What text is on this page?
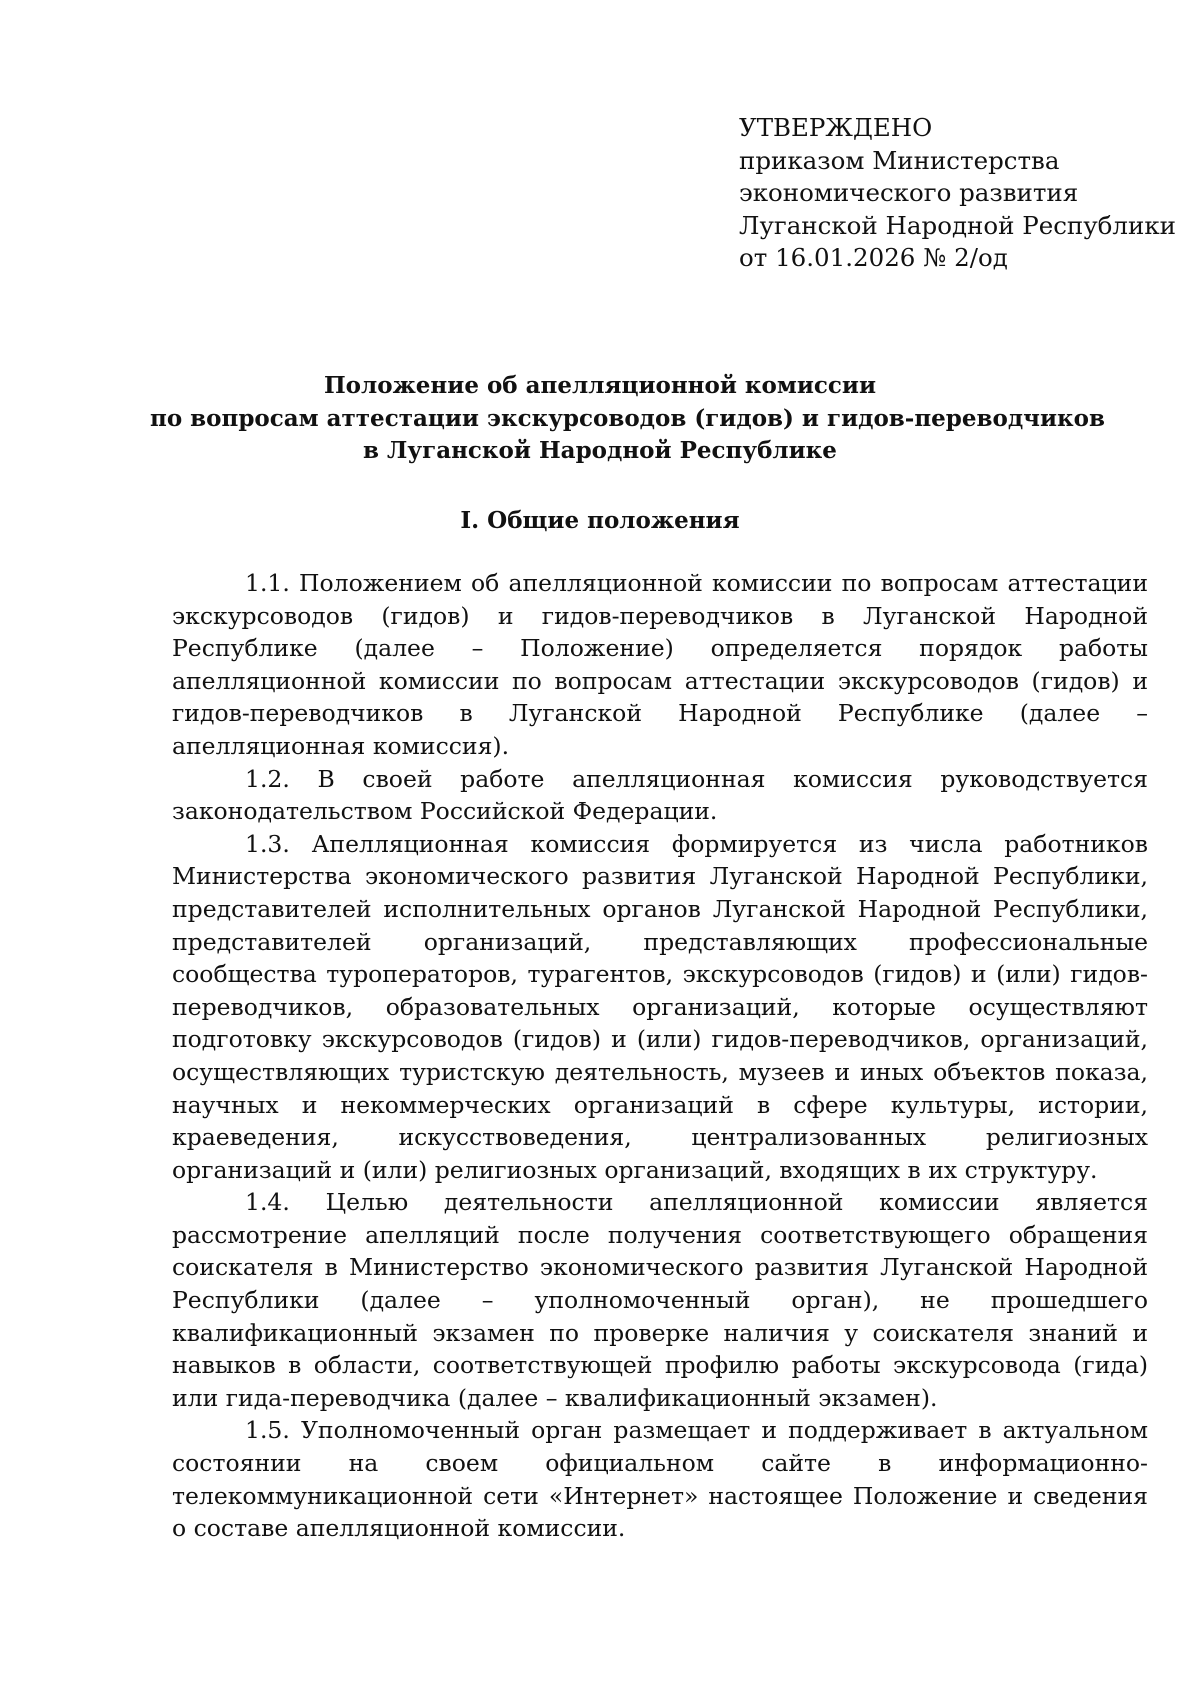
УТВЕРЖДЕНО
приказом Министерства
экономического развития
Луганской Народной Республики
от 16.01.2026 № 2/од
Положение об апелляционной комиссии
по вопросам аттестации экскурсоводов (гидов) и гидов-переводчиков
в Луганской Народной Республике
I. Общие положения

1.1. Положением об апелляционной комиссии по вопросам аттестации экскурсоводов (гидов) и гидов-переводчиков в Луганской Народной Республике (далее – Положение) определяется порядок работы апелляционной комиссии по вопросам аттестации экскурсоводов (гидов) и гидов-переводчиков в Луганской Народной Республике (далее – апелляционная комиссия).

1.2. В своей работе апелляционная комиссия руководствуется законодательством Российской Федерации.

1.3. Апелляционная комиссия формируется из числа работников Министерства экономического развития Луганской Народной Республики, представителей исполнительных органов Луганской Народной Республики, представителей организаций, представляющих профессиональные сообщества туроператоров, турагентов, экскурсоводов (гидов) и (или) гидов-переводчиков, образовательных организаций, которые осуществляют подготовку экскурсоводов (гидов) и (или) гидов-переводчиков, организаций, осуществляющих туристскую деятельность, музеев и иных объектов показа, научных и некоммерческих организаций в сфере культуры, истории, краеведения, искусствоведения, централизованных религиозных организаций и (или) религиозных организаций, входящих в их структуру.

1.4. Целью деятельности апелляционной комиссии является рассмотрение апелляций после получения соответствующего обращения соискателя в Министерство экономического развития Луганской Народной Республики (далее – уполномоченный орган), не прошедшего квалификационный экзамен по проверке наличия у соискателя знаний и навыков в области, соответствующей профилю работы экскурсовода (гида) или гида-переводчика (далее – квалификационный экзамен).

1.5. Уполномоченный орган размещает и поддерживает в актуальном состоянии на своем официальном сайте в информационно-телекоммуникационной сети «Интернет» настоящее Положение и сведения о составе апелляционной комиссии.
